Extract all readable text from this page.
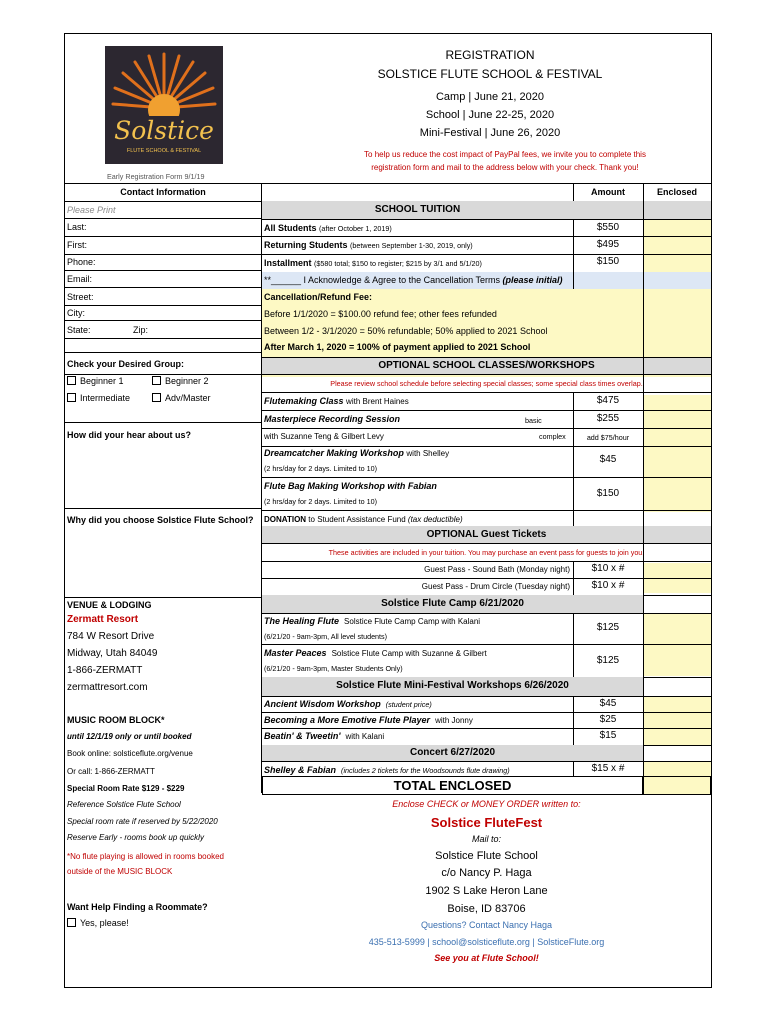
Solstice
FLUTE SCHOOL & FESTIVAL
REGISTRATION
SOLSTICE FLUTE SCHOOL & FESTIVAL
Camp | June 21, 2020
School | June 22-25, 2020
Mini-Festival | June 26, 2020
To help us reduce the cost impact of PayPal fees, we invite you to complete this
registration form and mail to the address below with your check. Thank you!
Early Registration Form 9/1/19
Contact Information	Amount	Enclosed
Please Print
Last:
First:
Phone:
Email:
Street:
City:
State:	Zip:
Check your Desired Group:
Beginner 1	Beginner 2
Intermediate	Adv/Master
How did your hear about us?
Why did you choose Solstice Flute School?
VENUE & LODGING
Zermatt Resort
784 W Resort Drive
Midway, Utah 84049
1-866-ZERMATT
zermattresort.com
MUSIC ROOM BLOCK*
until 12/1/19 only or until booked
Book online: solsticeflute.org/venue
Or call: 1-866-ZERMATT
Special Room Rate $129 - $229
Reference Solstice Flute School
Special room rate if reserved by 5/22/2020
Reserve Early - rooms book up quickly
*No flute playing is allowed in rooms booked
outside of the MUSIC BLOCK
Want Help Finding a Roommate?
Yes, please!
SCHOOL TUITION
All Students (after October 1, 2019)	$550
Returning Students (between September 1-30, 2019, only)	$495
Installment ($580 total; $150 to register; $215 by 3/1 and 5/1/20)	$150
**______ I Acknowledge & Agree to the Cancellation Terms (please initial)
Cancellation/Refund Fee:
Before 1/1/2020 = $100.00 refund fee; other fees refunded
Between 1/2 - 3/1/2020 = 50% refundable; 50% applied to 2021 School
After March 1, 2020 = 100% of payment applied to 2021 School
OPTIONAL SCHOOL CLASSES/WORKSHOPS
Please review school schedule before selecting special classes; some special class times overlap.
Flutemaking Class with Brent Haines	$475
Masterpiece Recording Session	basic	$255
with Suzanne Teng & Gilbert Levy	complex	add $75/hour
Dreamcatcher Making Workshop with Shelley
(2 hrs/day for 2 days. Limited to 10)
$45
Flute Bag Making Workshop with Fabian
(2 hrs/day for 2 days. Limited to 10)
$150
DONATION to Student Assistance Fund (tax deductible)
OPTIONAL Guest Tickets
These activities are included in your tuition. You may purchase an event pass for guests to join you.
Guest Pass - Sound Bath (Monday night)	$10 x #
Guest Pass - Drum Circle (Tuesday night)	$10 x #
Solstice Flute Camp 6/21/2020
The Healing Flute Solstice Flute Camp Camp with Kalani
(6/21/20 - 9am-3pm, All level students)
$125
Master Peaces Solstice Flute Camp with Suzanne & Gilbert
(6/21/20 - 9am-3pm, Master Students Only)
$125
Solstice Flute Mini-Festival Workshops 6/26/2020
Ancient Wisdom Workshop (student price)	$45
Becoming a More Emotive Flute Player with Jonny	$25
Beatin' & Tweetin' with Kalani	$15
Concert 6/27/2020
Shelley & Fabian (includes 2 tickets for the Woodsounds flute drawing)	$15 x #
TOTAL ENCLOSED
Enclose CHECK or MONEY ORDER written to:
Solstice FluteFest
Mail to:
Solstice Flute School
c/o Nancy P. Haga
1902 S Lake Heron Lane
Boise, ID 83706
Questions? Contact Nancy Haga
435-513-5999 | school@solsticeflute.org | SolsticeFlute.org
See you at Flute School!
